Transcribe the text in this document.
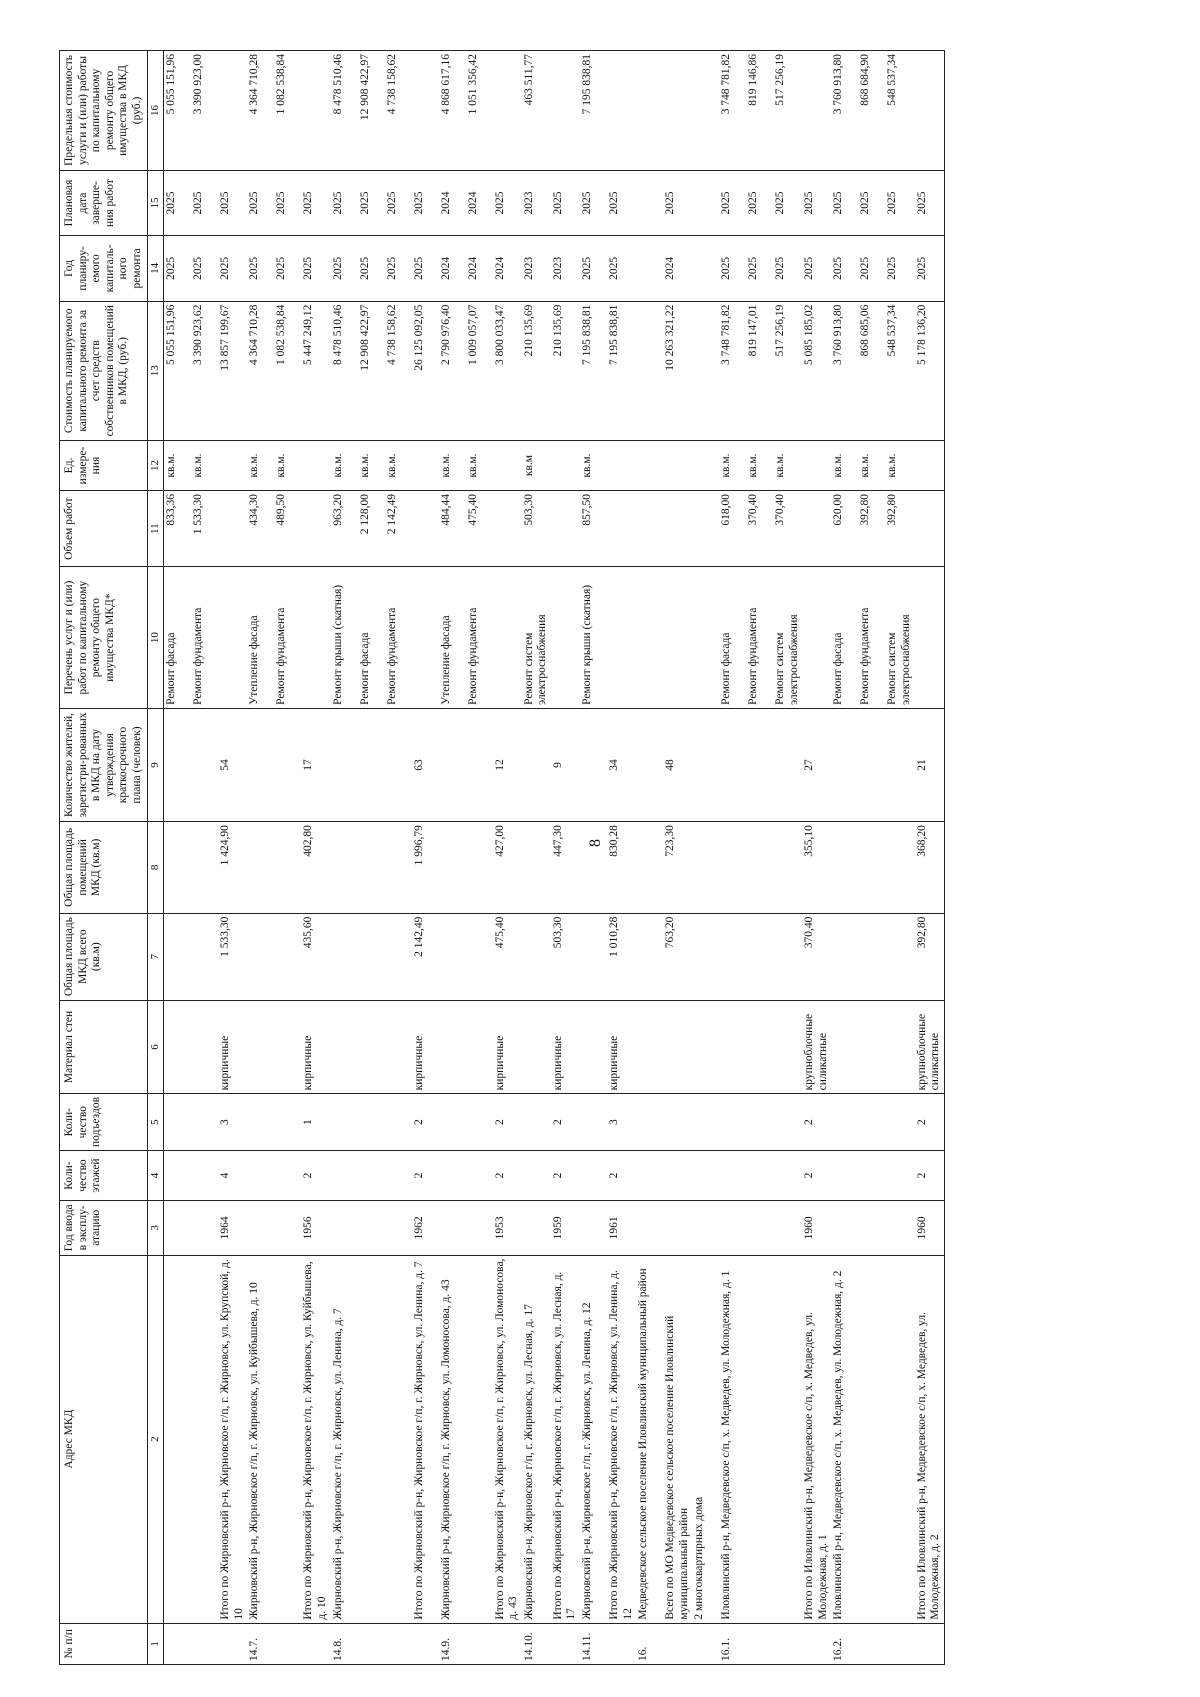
8
№ п/п	Адрес МКД	Год ввода в эксплу-атацию	Коли-чество этажей	Коли-чество подъездов	Материал стен	Общая площадь МКД всего (кв.м)	Общая площадь помещений МКД (кв.м)	Количество жителей, зарегистри-рованных в МКД на дату утверждения краткосрочного плана (человек)	Перечень услуг и (или) работ по капитальному ремонту общего имущества МКД*	Объем работ	Ед. измере-ния	Стоимость планируемого капитального ремонта за счет средств собственников помещений в МКД, (руб.)	Год планиру-емого капиталь-ного ремонта	Плановая дата заверше-ния работ	Предельная стоимость услуги и (или) работы по капитальному ремонту общего имущества в МКД (руб.)
1	2	3	4	5	6	7	8	9	10	11	12	13	14	15	16
									Ремонт фасада	833,36	кв.м.	5 055 151,96	2025	2025	5 055 151,96
									Ремонт фундамента	1 533,30	кв.м.	3 390 923,62	2025	2025	3 390 923,00
	Итого по Жирновский р-н, Жирновское г/п, г. Жирновск, ул. Крупской, д. 10	1964	4	3	кирпичные	1 533,30	1 424,90	54				13 857 199,67	2025	2025	
14.7.	Жирновский р-н, Жирновское г/п, г. Жирновск, ул. Куйбышева, д. 10								Утепление фасада	434,30	кв.м.	4 364 710,28	2025	2025	4 364 710,28
									Ремонт фундамента	489,50	кв.м.	1 082 538,84	2025	2025	1 082 538,84
	Итого по Жирновский р-н, Жирновское г/п, г. Жирновск, ул. Куйбышева, д. 10	1956	2	1	кирпичные	435,60	402,80	17				5 447 249,12	2025	2025	
14.8.	Жирновский р-н, Жирновское г/п, г. Жирновск, ул. Ленина, д. 7								Ремонт крыши (скатная)	963,20	кв.м.	8 478 510,46	2025	2025	8 478 510,46
									Ремонт фасада	2 128,00	кв.м.	12 908 422,97	2025	2025	12 908 422,97
									Ремонт фундамента	2 142,49	кв.м.	4 738 158,62	2025	2025	4 738 158,62
	Итого по Жирновский р-н, Жирновское г/п, г. Жирновск, ул. Ленина, д. 7	1962	2	2	кирпичные	2 142,49	1 996,79	63				26 125 092,05	2025	2025	
14.9.	Жирновский р-н, Жирновское г/п, г. Жирновск, ул. Ломоносова, д. 43								Утепление фасада	484,44	кв.м.	2 790 976,40	2024	2024	4 868 617,16
									Ремонт фундамента	475,40	кв.м.	1 009 057,07	2024	2024	1 051 356,42
	Итого по Жирновский р-н, Жирновское г/п, г. Жирновск, ул. Ломоносова, д. 43	1953	2	2	кирпичные	475,40	427,00	12				3 800 033,47	2024	2025	
14.10.	Жирновский р-н, Жирновское г/п, г. Жирновск, ул. Лесная, д. 17								Ремонт систем электроснабжения	503,30	кв.м	210 135,69	2023	2023	463 511,77
	Итого по Жирновский р-н, Жирновское г/п, г. Жирновск, ул. Лесная, д. 17	1959	2	2	кирпичные	503,30	447,30	9				210 135,69	2023	2025	
14.11.	Жирновский р-н, Жирновское г/п, г. Жирновск, ул. Ленина, д. 12								Ремонт крыши (скатная)	857,50	кв.м.	7 195 838,81	2025	2025	7 195 838,81
	Итого по Жирновский р-н, Жирновское г/п, г. Жирновск, ул. Ленина, д. 12	1961	2	3	кирпичные	1 010,28	830,28	34				7 195 838,81	2025	2025	
16.	Медведевское сельское поселение Иловлинский муниципальный район														
	Всего по МО Медведевское сельское поселение Иловлинский муниципальный район					763,20	723,30	48				10 263 321,22	2024	2025	
	2 многоквартирных дома														
16.1.	Иловлинский р-н, Медведевское с/п, х. Медведев, ул. Молодежная, д. 1								Ремонт фасада	618,00	кв.м.	3 748 781,82	2025	2025	3 748 781,82
									Ремонт фундамента	370,40	кв.м.	819 147,01	2025	2025	819 146,86
									Ремонт систем электроснабжения	370,40	кв.м.	517 256,19	2025	2025	517 256,19
	Итого по Иловлинский р-н, Медведевское с/п, х. Медведев, ул. Молодежная, д. 1	1960	2	2	крупноблочные силикатные	370,40	355,10	27				5 085 185,02	2025	2025	
16.2.	Иловлинский р-н, Медведевское с/п, х. Медведев, ул. Молодежная, д. 2								Ремонт фасада	620,00	кв.м.	3 760 913,80	2025	2025	3 760 913,80
									Ремонт фундамента	392,80	кв.м.	868 685,06	2025	2025	868 684,90
									Ремонт систем электроснабжения	392,80	кв.м.	548 537,34	2025	2025	548 537,34
	Итого по Иловлинский р-н, Медведевское с/п, х. Медведев, ул. Молодежная, д. 2	1960	2	2	крупноблочные силикатные	392,80	368,20	21				5 178 136,20	2025	2025	
